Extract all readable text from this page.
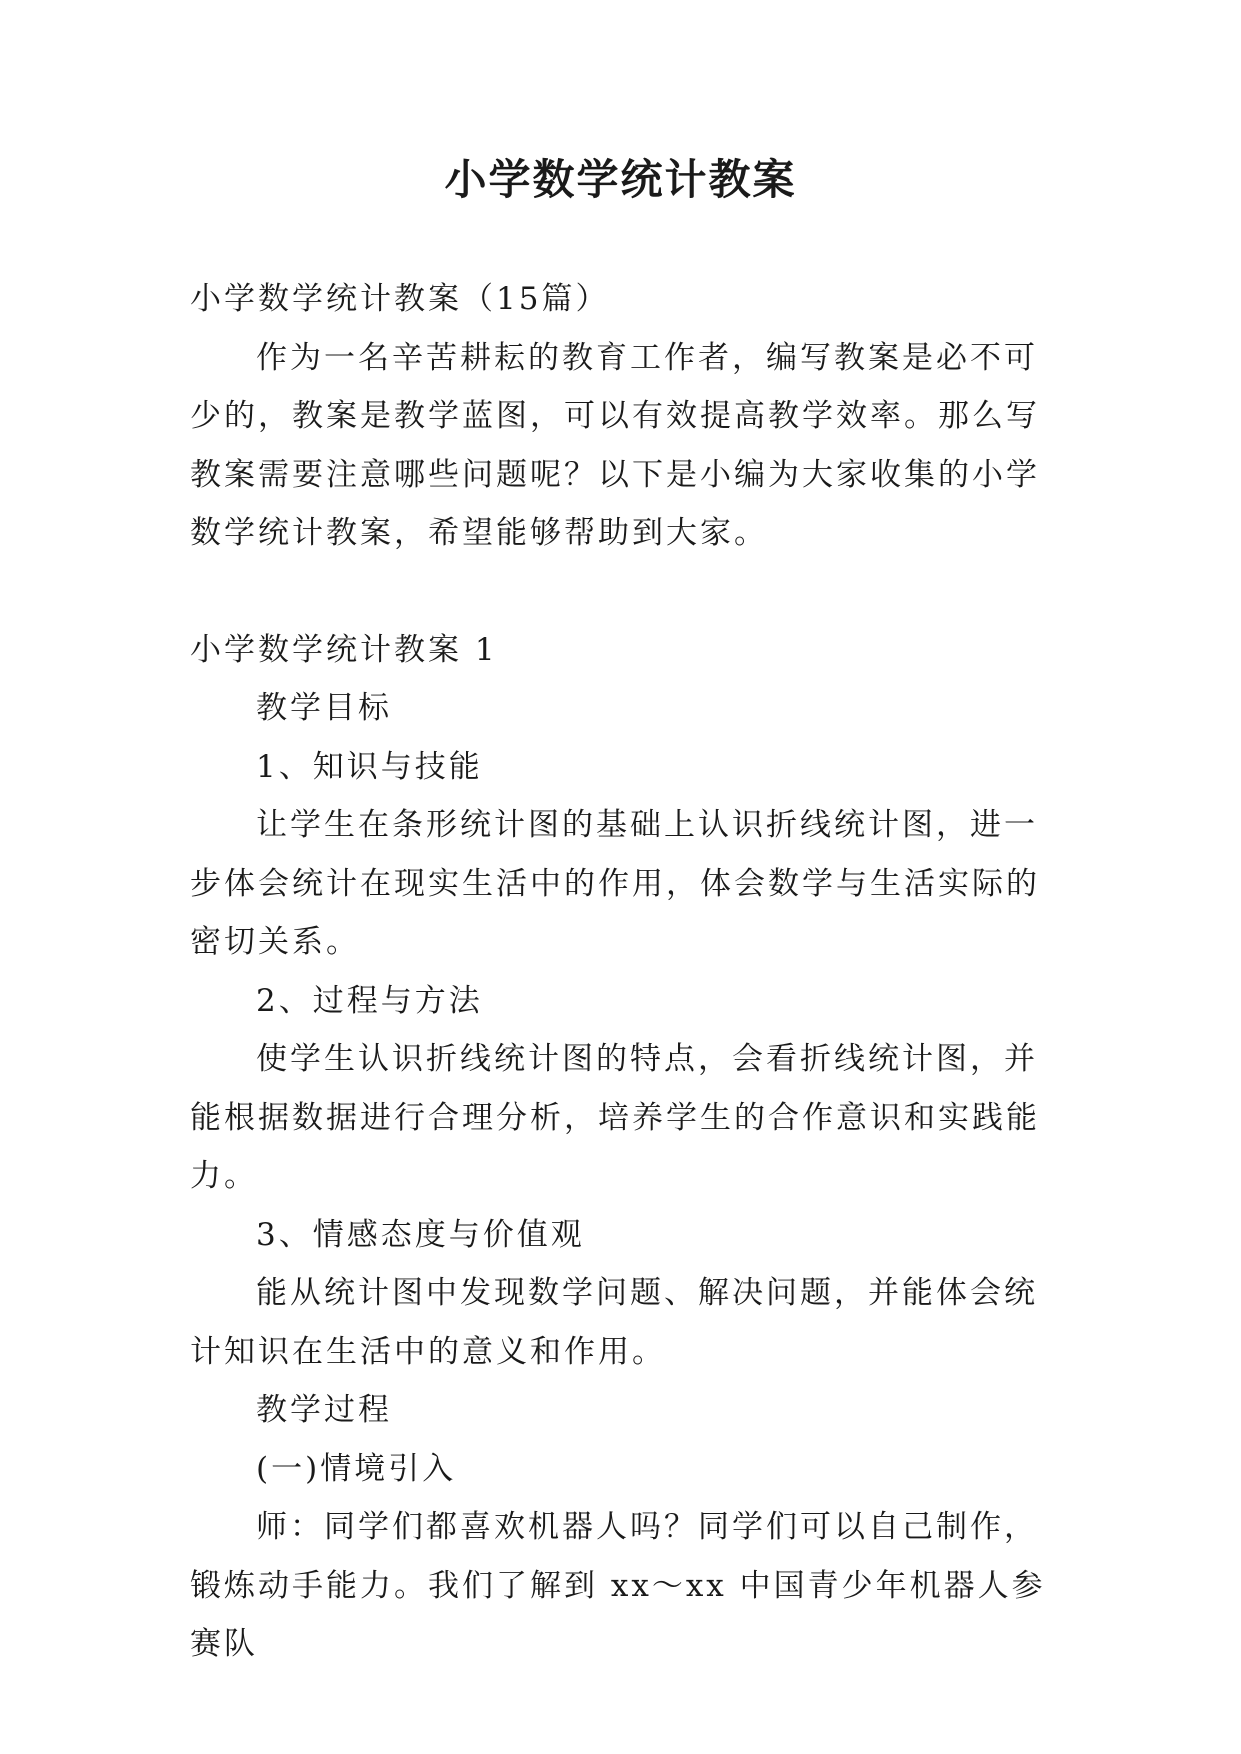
小学数学统计教案

小学数学统计教案（15篇）

作为一名辛苦耕耘的教育工作者，编写教案是必不可少的，教案是教学蓝图，可以有效提高教学效率。那么写教案需要注意哪些问题呢？以下是小编为大家收集的小学数学统计教案，希望能够帮助到大家。

小学数学统计教案 1

教学目标

1、知识与技能

让学生在条形统计图的基础上认识折线统计图，进一步体会统计在现实生活中的作用，体会数学与生活实际的密切关系。

2、过程与方法

使学生认识折线统计图的特点，会看折线统计图，并能根据数据进行合理分析，培养学生的合作意识和实践能力。

3、情感态度与价值观

能从统计图中发现数学问题、解决问题，并能体会统计知识在生活中的意义和作用。

教学过程

(一)情境引入

师：同学们都喜欢机器人吗？同学们可以自己制作，锻炼动手能力。我们了解到 xx～xx 中国青少年机器人参赛队
